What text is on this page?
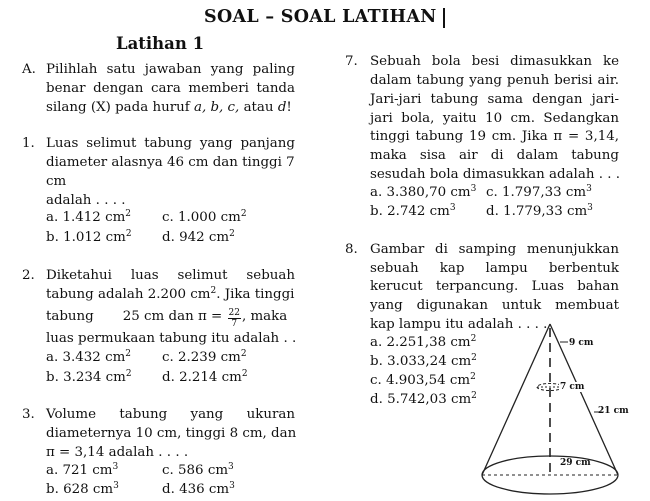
SOAL – SOAL LATIHAN
Latihan 1
A. Pilihlah satu jawaban yang paling
benar dengan cara memberi tanda
silang (X) pada huruf a, b, c, atau d!
1. Luas selimut tabung yang panjang
diameter alasnya 46 cm dan tinggi 7
cm
adalah . . . .
a. 1.412 $cm^2$ c. 1.000 $cm^2$
b. 1.012 $cm^2$ d. 942 $cm^2$
2. Diketahui luas selimut sebuah
tabung adalah 2.200 $cm^2$. Jika tinggi
tabung 25 cm dan $\pi = \frac{22}{7}$ , maka
luas permukaan tabung itu adalah . .
a. 3.432 $cm^2$ c. 2.239 $cm^2$
b. 3.234 $cm^2$ d. 2.214 $cm^2$
3. Volume tabung yang ukuran
diameternya 10 cm, tinggi 8 cm, dan
π = 3,14 adalah . . . .
a. 721 $cm^3$	c. 586 $cm^3$
b. 628 $cm^3$	d. 436 $cm^3$
7. Sebuah bola besi dimasukkan ke
dalam tabung yang penuh berisi air.
Jari-jari tabung sama dengan jari-
jari bola, yaitu 10 cm. Sedangkan
tinggi tabung 19 cm. Jika π = 3,14,
maka sisa air di dalam tabung
sesudah bola dimasukkan adalah . . .
a. 3.380,70 $cm^3$ c. 1.797,33 $cm^3$
b. 2.742 $cm^3$ d. 1.779,33 $cm^3$
8. Gambar di samping menunjukkan
sebuah kap lampu berbentuk
kerucut terpancung. Luas bahan
yang digunakan untuk membuat
kap lampu itu adalah . . . .
a. 2.251,38 $cm^2$
b. 3.033,24 $cm^2$
c. 4.903,54 $cm^2$
d. 5.742,03 $cm^2$
9 cm
7 cm
21 cm
29 cm
